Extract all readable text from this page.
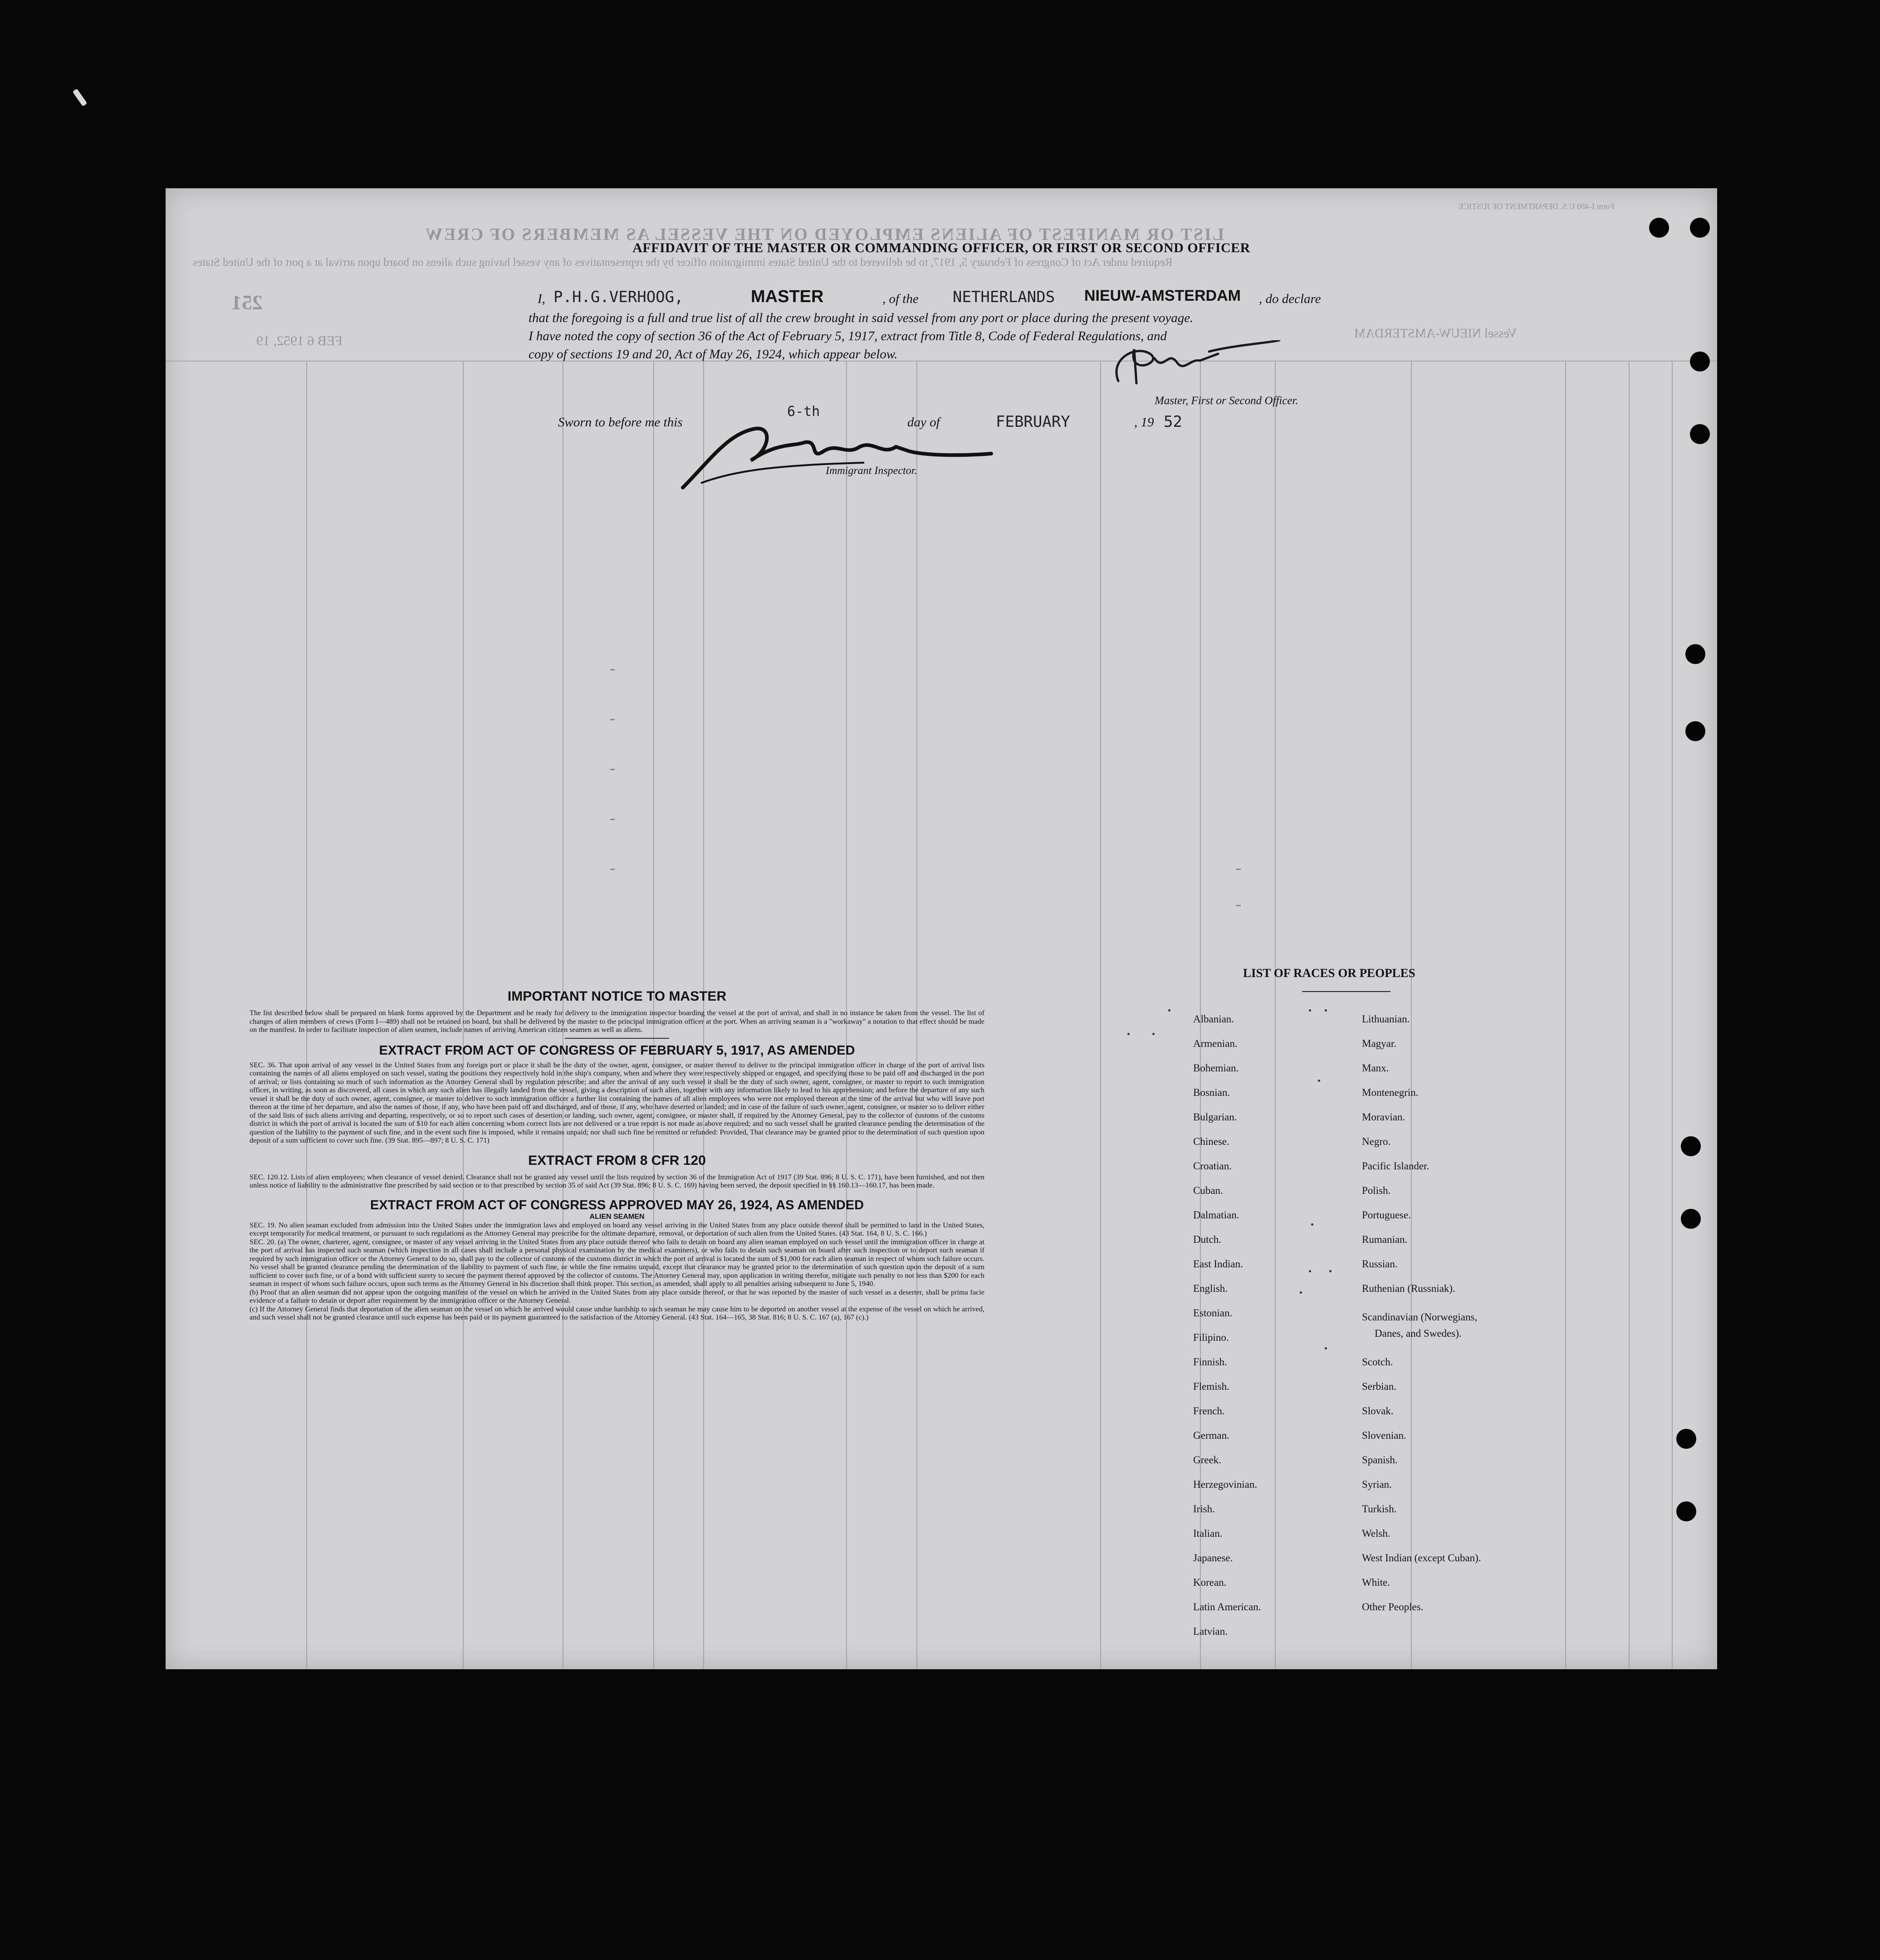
Form I-480 U.S. DEPARTMENT OF JUSTICE
LIST OR MANIFEST OF ALIENS EMPLOYED ON THE VESSEL AS MEMBERS OF CREW
Required under Act of Congress of February 5, 1917, to be delivered to the United States immigration officer by the representatives of any vessel having such aliens on board upon arrival at a port of the United States
251
FEB 6 1952, 19	Vessel NIEUW-AMSTERDAM
AFFIDAVIT OF THE MASTER OR COMMANDING OFFICER, OR FIRST OR SECOND OFFICER
I, P.H.G.VERHOOG,	MASTER	, of the NETHERLANDS NIEUW-AMSTERDAM , do declare
that the foregoing is a full and true list of all the crew brought in said vessel from any port or place during the present voyage.
I have noted the copy of section 36 of the Act of February 5, 1917, extract from Title 8, Code of Federal Regulations, and
copy of sections 19 and 20, Act of May 26, 1924, which appear below.
Master, First or Second Officer.
Sworn to before me this
6-th
day of	FEBRUARY	, 19 52
Immigrant Inspector.
IMPORTANT NOTICE TO MASTER

The list described below shall be prepared on blank forms approved by the Department and be ready for delivery to the immigration inspector boarding the vessel at the port of arrival, and shall in no instance be taken from the vessel. The list of changes of alien members of crews (Form I—489) shall not be retained on board, but shall be delivered by the master to the principal immigration officer at the port. When an arriving seaman is a "workaway" a notation to that effect should be made on the manifest. In order to facilitate inspection of alien seamen, include names of arriving American citizen seamen as well as aliens.

EXTRACT FROM ACT OF CONGRESS OF FEBRUARY 5, 1917, AS AMENDED

SEC. 36. That upon arrival of any vessel in the United States from any foreign port or place it shall be the duty of the owner, agent, consignee, or master thereof to deliver to the principal immigration officer in charge of the port of arrival lists containing the names of all aliens employed on such vessel, stating the positions they respectively hold in the ship's company, when and where they were respectively shipped or engaged, and specifying those to be paid off and discharged in the port of arrival; or lists containing so much of such information as the Attorney General shall by regulation prescribe; and after the arrival of any such vessel it shall be the duty of such owner, agent, consignee, or master to report to such immigration officer, in writing, as soon as discovered, all cases in which any such alien has illegally landed from the vessel, giving a description of such alien, together with any information likely to lead to his apprehension; and before the departure of any such vessel it shall be the duty of such owner, agent, consignee, or master to deliver to such immigration officer a further list containing the names of all alien employees who were not employed thereon at the time of the arrival but who will leave port thereon at the time of her departure, and also the names of those, if any, who have been paid off and discharged, and of those, if any, who have deserted or landed; and in case of the failure of such owner, agent, consignee, or master so to deliver either of the said lists of such aliens arriving and departing, respectively, or so to report such cases of desertion or landing, such owner, agent, consignee, or master shall, if required by the Attorney General, pay to the collector of customs of the customs district in which the port of arrival is located the sum of $10 for each alien concerning whom correct lists are not delivered or a true report is not made as above required; and no such vessel shall be granted clearance pending the determination of the question of the liability to the payment of such fine, and in the event such fine is imposed, while it remains unpaid; nor shall such fine be remitted or refunded: Provided, That clearance may be granted prior to the determination of such question upon deposit of a sum sufficient to cover such fine. (39 Stat. 895—897; 8 U. S. C. 171)

EXTRACT FROM 8 CFR 120

SEC. 120.12. Lists of alien employees; when clearance of vessel denied. Clearance shall not be granted any vessel until the lists required by section 36 of the Immigration Act of 1917 (39 Stat. 896; 8 U. S. C. 171), have been furnished, and not then unless notice of liability to the administrative fine prescribed by said section or to that prescribed by section 35 of said Act (39 Stat. 896; 8 U. S. C. 169) having been served, the deposit specified in §§ 160.13—160.17, has been made.

EXTRACT FROM ACT OF CONGRESS APPROVED MAY 26, 1924, AS AMENDED
ALIEN SEAMEN

SEC. 19. No alien seaman excluded from admission into the United States under the immigration laws and employed on board any vessel arriving in the United States from any place outside thereof shall be permitted to land in the United States, except temporarily for medical treatment, or pursuant to such regulations as the Attorney General may prescribe for the ultimate departure, removal, or deportation of such alien from the United States. (43 Stat. 164, 8 U. S. C. 166.)

SEC. 20. (a) The owner, charterer, agent, consignee, or master of any vessel arriving in the United States from any place outside thereof who fails to detain on board any alien seaman employed on such vessel until the immigration officer in charge at the port of arrival has inspected such seaman (which inspection in all cases shall include a personal physical examination by the medical examiners), or who fails to detain such seaman on board after such inspection or to deport such seaman if required by such immigration officer or the Attorney General to do so, shall pay to the collector of customs of the customs district in which the port of arrival is located the sum of $1,000 for each alien seaman in respect of whom such failure occurs. No vessel shall be granted clearance pending the determination of the liability to payment of such fine, or while the fine remains unpaid, except that clearance may be granted prior to the determination of such question upon the deposit of a sum sufficient to cover such fine, or of a bond with sufficient surety to secure the payment thereof approved by the collector of customs. The Attorney General may, upon application in writing therefor, mitigate such penalty to not less than $200 for each seaman in respect of whom such failure occurs, upon such terms as the Attorney General in his discretion shall think proper. This section, as amended, shall apply to all penalties arising subsequent to June 5, 1940.

(b) Proof that an alien seaman did not appear upon the outgoing manifest of the vessel on which he arrived in the United States from any place outside thereof, or that he was reported by the master of such vessel as a deserter, shall be prima facie evidence of a failure to detain or deport after requirement by the immigration officer or the Attorney General.

(c) If the Attorney General finds that deportation of the alien seaman on the vessel on which he arrived would cause undue hardship to such seaman he may cause him to be deported on another vessel at the expense of the vessel on which he arrived, and such vessel shall not be granted clearance until such expense has been paid or its payment guaranteed to the satisfaction of the Attorney General. (43 Stat. 164—165, 38 Stat. 816; 8 U. S. C. 167 (a), 167 (c).)

LIST OF RACES OR PEOPLES
Albanian.
Armenian.
Bohemian.
Bosnian.
Bulgarian.
Chinese.
Croatian.
Cuban.
Dalmatian.
Dutch.
East Indian.
English.
Estonian.
Filipino.
Finnish.
Flemish.
French.
German.
Greek.
Herzegovinian.
Irish.
Italian.
Japanese.
Korean.
Latin American.
Latvian.
Lithuanian.
Magyar.
Manx.
Montenegrin.
Moravian.
Negro.
Pacific Islander.
Polish.
Portuguese.
Rumanian.
Russian.
Ruthenian (Russniak).
Scandinavian (Norwegians,
Danes, and Swedes).
Scotch.
Serbian.
Slovak.
Slovenian.
Spanish.
Syrian.
Turkish.
Welsh.
West Indian (except Cuban).
White.
Other Peoples.
